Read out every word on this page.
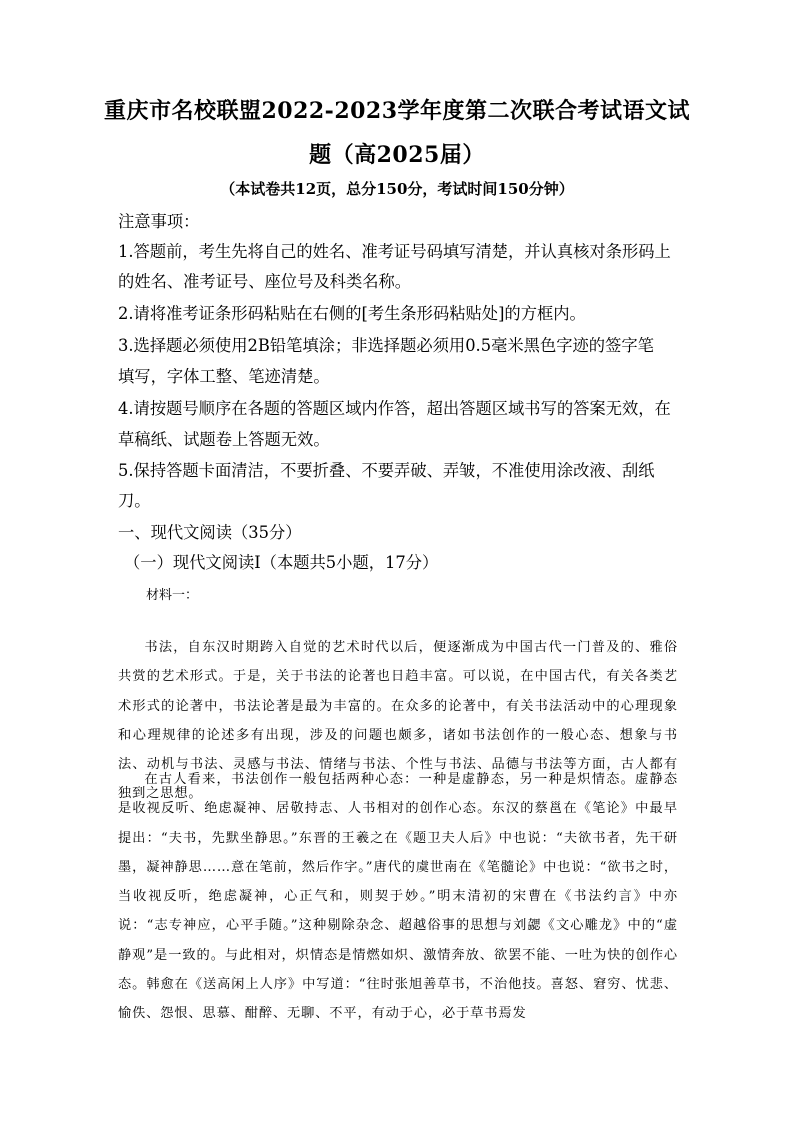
重庆市名校联盟2022-2023学年度第二次联合考试语文试
题（高2025届）
（本试卷共12页，总分150分，考试时间150分钟）
注意事项：
1.答题前，考生先将自己的姓名、准考证号码填写清楚，并认真核对条形码上
的姓名、准考证号、座位号及科类名称。
2.请将准考证条形码粘贴在右侧的[考生条形码粘贴处]的方框内。
3.选择题必须使用2B铅笔填涂；非选择题必须用0.5毫米黑色字迹的签字笔
填写，字体工整、笔迹清楚。
4.请按题号顺序在各题的答题区域内作答，超出答题区域书写的答案无效，在
草稿纸、试题卷上答题无效。
5.保持答题卡面清洁，不要折叠、不要弄破、弄皱，不准使用涂改液、刮纸
刀。
一、现代文阅读（35分）
（一）现代文阅读Ⅰ（本题共5小题，17分）
材料一：

书法，自东汉时期跨入自觉的艺术时代以后，便逐渐成为中国古代一门普及的、雅俗共赏的艺术形式。于是，关于书法的论著也日趋丰富。可以说，在中国古代，有关各类艺术形式的论著中，书法论著是最为丰富的。在众多的论著中，有关书法活动中的心理现象和心理规律的论述多有出现，涉及的问题也颇多，诸如书法创作的一般心态、想象与书法、动机与书法、灵感与书法、情绪与书法、个性与书法、品德与书法等方面，古人都有独到之思想。

在古人看来，书法创作一般包括两种心态：一种是虚静态，另一种是炽情态。虚静态是收视反听、绝虑凝神、居敬持志、人书相对的创作心态。东汉的蔡邕在《笔论》中最早提出：“夫书，先默坐静思。”东晋的王羲之在《题卫夫人后》中也说：“夫欲书者，先干研墨，凝神静思……意在笔前，然后作字。”唐代的虞世南在《笔髓论》中也说：“欲书之时，当收视反听，绝虑凝神，心正气和，则契于妙。”明末清初的宋曹在《书法约言》中亦说：“志专神应，心平手随。”这种剔除杂念、超越俗事的思想与刘勰《文心雕龙》中的“虚静观”是一致的。与此相对，炽情态是情燃如炽、激情奔放、欲罢不能、一吐为快的创作心态。韩愈在《送高闲上人序》中写道：“往时张旭善草书，不治他技。喜怒、窘穷、忧悲、愉佚、怨恨、思慕、酣醉、无聊、不平，有动于心，必于草书焉发
